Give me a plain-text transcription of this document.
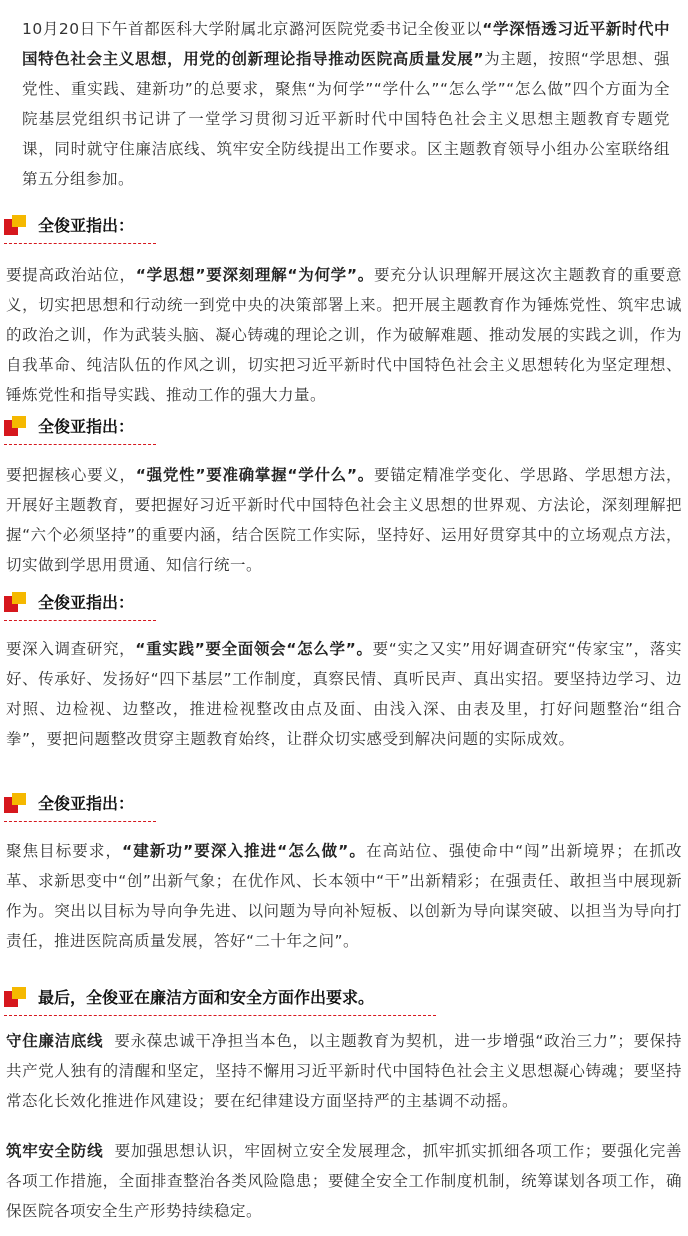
10月20日下午首都医科大学附属北京潞河医院党委书记全俊亚以“学深悟透习近平新时代中国特色社会主义思想，用党的创新理论指导推动医院高质量发展”为主题，按照“学思想、强党性、重实践、建新功”的总要求，聚焦“为何学”“学什么”“怎么学”“怎么做”四个方面为全院基层党组织书记讲了一堂学习贯彻习近平新时代中国特色社会主义思想主题教育专题党课，同时就守住廉洁底线、筑牢安全防线提出工作要求。区主题教育领导小组办公室联络组第五分组参加。

全俊亚指出：

要提高政治站位，“学思想”要深刻理解“为何学”。要充分认识理解开展这次主题教育的重要意义，切实把思想和行动统一到党中央的决策部署上来。把开展主题教育作为锤炼党性、筑牢忠诚的政治之训，作为武装头脑、凝心铸魂的理论之训，作为破解难题、推动发展的实践之训，作为自我革命、纯洁队伍的作风之训，切实把习近平新时代中国特色社会主义思想转化为坚定理想、锤炼党性和指导实践、推动工作的强大力量。

全俊亚指出：

要把握核心要义，“强党性”要准确掌握“学什么”。要锚定精准学变化、学思路、学思想方法，开展好主题教育，要把握好习近平新时代中国特色社会主义思想的世界观、方法论，深刻理解把握“六个必须坚持”的重要内涵，结合医院工作实际，坚持好、运用好贯穿其中的立场观点方法，切实做到学思用贯通、知信行统一。

全俊亚指出：

要深入调查研究，“重实践”要全面领会“怎么学”。要“实之又实”用好调查研究“传家宝”，落实好、传承好、发扬好“四下基层”工作制度，真察民情、真听民声、真出实招。要坚持边学习、边对照、边检视、边整改，推进检视整改由点及面、由浅入深、由表及里，打好问题整治“组合拳”，要把问题整改贯穿主题教育始终，让群众切实感受到解决问题的实际成效。

全俊亚指出：

聚焦目标要求，“建新功”要深入推进“怎么做”。在高站位、强使命中“闯”出新境界；在抓改革、求新思变中“创”出新气象；在优作风、长本领中“干”出新精彩；在强责任、敢担当中展现新作为。突出以目标为导向争先进、以问题为导向补短板、以创新为导向谋突破、以担当为导向打责任，推进医院高质量发展，答好“二十年之问”。

最后，全俊亚在廉洁方面和安全方面作出要求。

守住廉洁底线  要永葆忠诚干净担当本色，以主题教育为契机，进一步增强“政治三力”；要保持共产党人独有的清醒和坚定，坚持不懈用习近平新时代中国特色社会主义思想凝心铸魂；要坚持常态化长效化推进作风建设；要在纪律建设方面坚持严的主基调不动摇。

筑牢安全防线  要加强思想认识，牢固树立安全发展理念，抓牢抓实抓细各项工作；要强化完善各项工作措施，全面排查整治各类风险隐患；要健全安全工作制度机制，统筹谋划各项工作，确保医院各项安全生产形势持续稳定。
